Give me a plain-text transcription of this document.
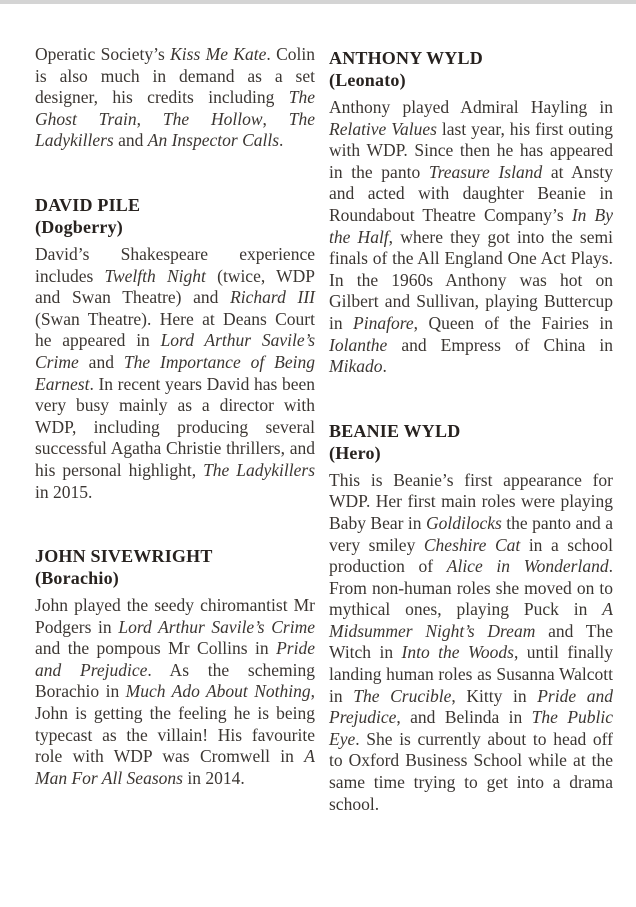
Operatic Society’s Kiss Me Kate. Colin is also much in demand as a set designer, his credits including The Ghost Train, The Hollow, The Ladykillers and An Inspector Calls.

DAVID PILE
(Dogberry)

David’s Shakespeare experience includes Twelfth Night (twice, WDP and Swan Theatre) and Richard III (Swan Theatre). Here at Deans Court he appeared in Lord Arthur Savile’s Crime and The Importance of Being Earnest. In recent years David has been very busy mainly as a director with WDP, including producing several successful Agatha Christie thrillers, and his personal highlight, The Ladykillers in 2015.

JOHN SIVEWRIGHT
(Borachio)

John played the seedy chiromantist Mr Podgers in Lord Arthur Savile’s Crime and the pompous Mr Collins in Pride and Prejudice. As the scheming Borachio in Much Ado About Nothing, John is getting the feeling he is being typecast as the villain! His favourite role with WDP was Cromwell in A Man For All Seasons in 2014.

ANTHONY WYLD
(Leonato)

Anthony played Admiral Hayling in Relative Values last year, his first outing with WDP. Since then he has appeared in the panto Treasure Island at Ansty and acted with daughter Beanie in Roundabout Theatre Company’s In By the Half, where they got into the semi finals of the All England One Act Plays. In the 1960s Anthony was hot on Gilbert and Sullivan, playing Buttercup in Pinafore, Queen of the Fairies in Iolanthe and Empress of China in Mikado.

BEANIE WYLD
(Hero)

This is Beanie’s first appearance for WDP. Her first main roles were playing Baby Bear in Goldilocks the panto and a very smiley Cheshire Cat in a school production of Alice in Wonderland. From non-human roles she moved on to mythical ones, playing Puck in A Midsummer Night’s Dream and The Witch in Into the Woods, until finally landing human roles as Susanna Walcott in The Crucible, Kitty in Pride and Prejudice, and Belinda in The Public Eye. She is currently about to head off to Oxford Business School while at the same time trying to get into a drama school.
